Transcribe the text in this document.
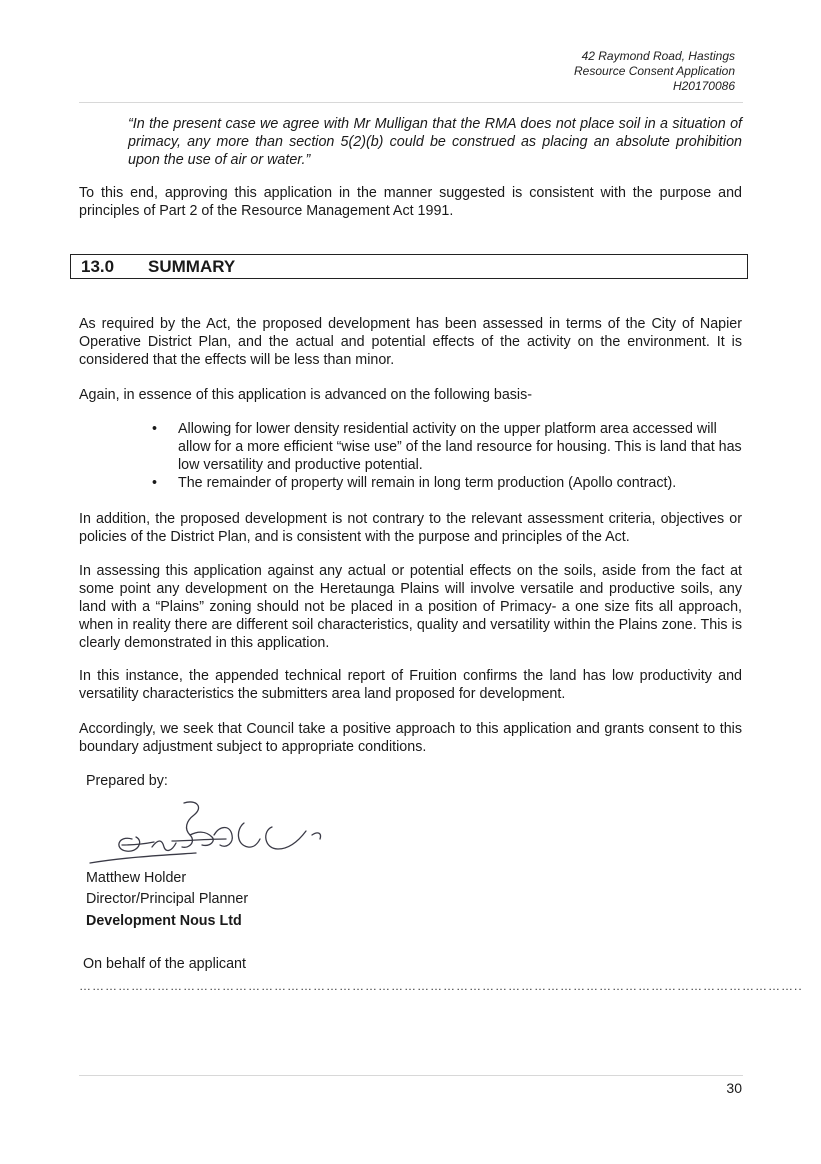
42 Raymond Road, Hastings
Resource Consent Application
H20170086

“In the present case we agree with Mr Mulligan that the RMA does not place soil in a situation of primacy, any more than section 5(2)(b) could be construed as placing an absolute prohibition upon the use of air or water.”

To this end, approving this application in the manner suggested is consistent with the purpose and principles of Part 2 of the Resource Management Act 1991.

13.0 SUMMARY

As required by the Act, the proposed development has been assessed in terms of the City of Napier Operative District Plan, and the actual and potential effects of the activity on the environment. It is considered that the effects will be less than minor.

Again, in essence of this application is advanced on the following basis-

• Allowing for lower density residential activity on the upper platform area accessed will allow for a more efficient “wise use” of the land resource for housing. This is land that has low versatility and productive potential.
• The remainder of property will remain in long term production (Apollo contract).

In addition, the proposed development is not contrary to the relevant assessment criteria, objectives or policies of the District Plan, and is consistent with the purpose and principles of the Act.

In assessing this application against any actual or potential effects on the soils, aside from the fact at some point any development on the Heretaunga Plains will involve versatile and productive soils, any land with a “Plains” zoning should not be placed in a position of Primacy- a one size fits all approach, when in reality there are different soil characteristics, quality and versatility within the Plains zone. This is clearly demonstrated in this application.

In this instance, the appended technical report of Fruition confirms the land has low productivity and versatility characteristics the submitters area land proposed for development.

Accordingly, we seek that Council take a positive approach to this application and grants consent to this boundary adjustment subject to appropriate conditions.

Prepared by:
Matthew Holder
Director/Principal Planner
Development Nous Ltd
On behalf of the applicant
…………………………………………………………………………………………………………………………………………………..
30
